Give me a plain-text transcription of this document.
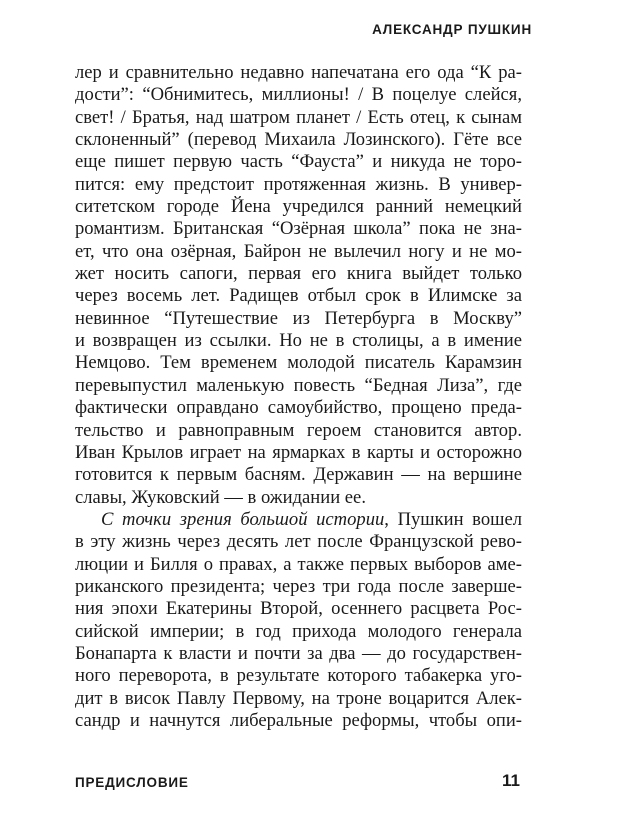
АЛЕКСАНДР ПУШКИН
лер и сравнительно недавно напечатана его ода “К ра-
дости”: “Обнимитесь, миллионы! / В поцелуе слейся,
свет! / Братья, над шатром планет / Есть отец, к сынам
склоненный” (перевод Михаила Лозинского). Гёте все
еще пишет первую часть “Фауста” и никуда не торо-
пится: ему предстоит протяженная жизнь. В универ-
ситетском городе Йена учредился ранний немецкий
романтизм. Британская “Озёрная школа” пока не зна-
ет, что она озёрная, Байрон не вылечил ногу и не мо-
жет носить сапоги, первая его книга выйдет только
через восемь лет. Радищев отбыл срок в Илимске за
невинное “Путешествие из Петербурга в Москву”
и возвращен из ссылки. Но не в столицы, а в имение
Немцово. Тем временем молодой писатель Карамзин
перевыпустил маленькую повесть “Бедная Лиза”, где
фактически оправдано самоубийство, прощено преда-
тельство и равноправным героем становится автор.
Иван Крылов играет на ярмарках в карты и осторожно
готовится к первым басням. Державин — на вершине
славы, Жуковский — в ожидании ее.
С точки зрения большой истории, Пушкин вошел
в эту жизнь через десять лет после Французской рево-
люции и Билля о правах, а также первых выборов аме-
риканского президента; через три года после заверше-
ния эпохи Екатерины Второй, осеннего расцвета Рос-
сийской империи; в год прихода молодого генерала
Бонапарта к власти и почти за два — до государствен-
ного переворота, в результате которого табакерка уго-
дит в висок Павлу Первому, на троне воцарится Алек-
сандр и начнутся либеральные реформы, чтобы опи-
ПРЕДИСЛОВИЕ	11
